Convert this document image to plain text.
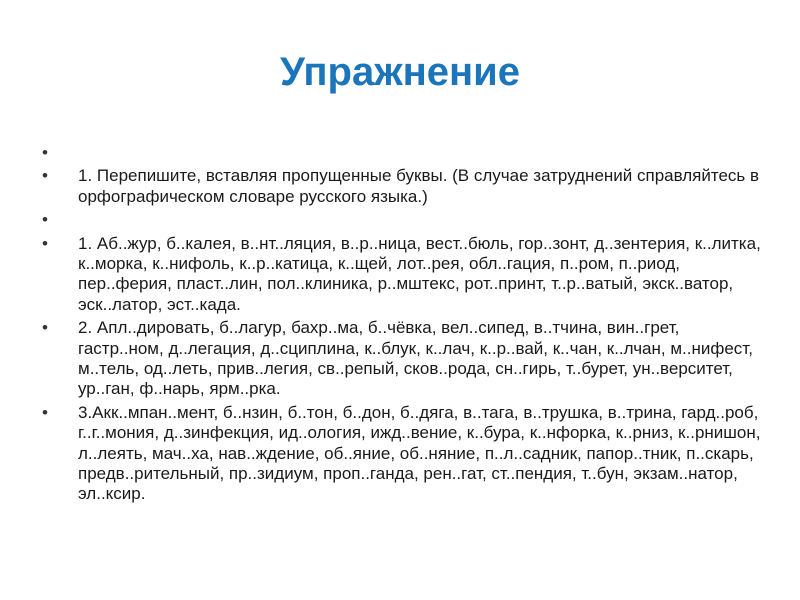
Упражнение
•
• 1. Перепишите, вставляя пропущенные буквы. (В случае затруднений справляйтесь в орфографическом словаре русского языка.)
•
• 1. Аб..жур, б..калея, в..нт..ляция, в..р..ница, вест..бюль, гор..зонт, д..зентерия, к..литка, к..морка, к..нифоль, к..р..катица, к..щей, лот..рея, обл..гация, п..ром, п..риод, пер..ферия, пласт..лин, пол..клиника, р..мштекс, рот..принт, т..р..ватый, экск..ватор, эск..латор, эст..када.
• 2. Апл..дировать, б..лагур, бахр..ма, б..чёвка, вел..сипед, в..тчина, вин..грет, гастр..ном, д..легация, д..сциплина, к..блук, к..лач, к..р..вай, к..чан, к..лчан, м..нифест, м..тель, од..леть, прив..легия, св..репый, сков..рода, сн..гирь, т..бурет, ун..верситет, ур..ган, ф..нарь, ярм..рка.
• 3.Акк..мпан..мент, б..нзин, б..тон, б..дон, б..дяга, в..тага, в..трушка, в..трина, гард..роб, г..г..мония, д..зинфекция, ид..ология, ижд..вение, к..бура, к..нфорка, к..рниз, к..рнишон, л..леять, мач..ха, нав..ждение, об..яние, об..няние, п..л..садник, папор..тник, п..скарь, предв..рительный, пр..зидиум, проп..ганда, рен..гат, ст..пендия, т..бун, экзам..натор, эл..ксир.
